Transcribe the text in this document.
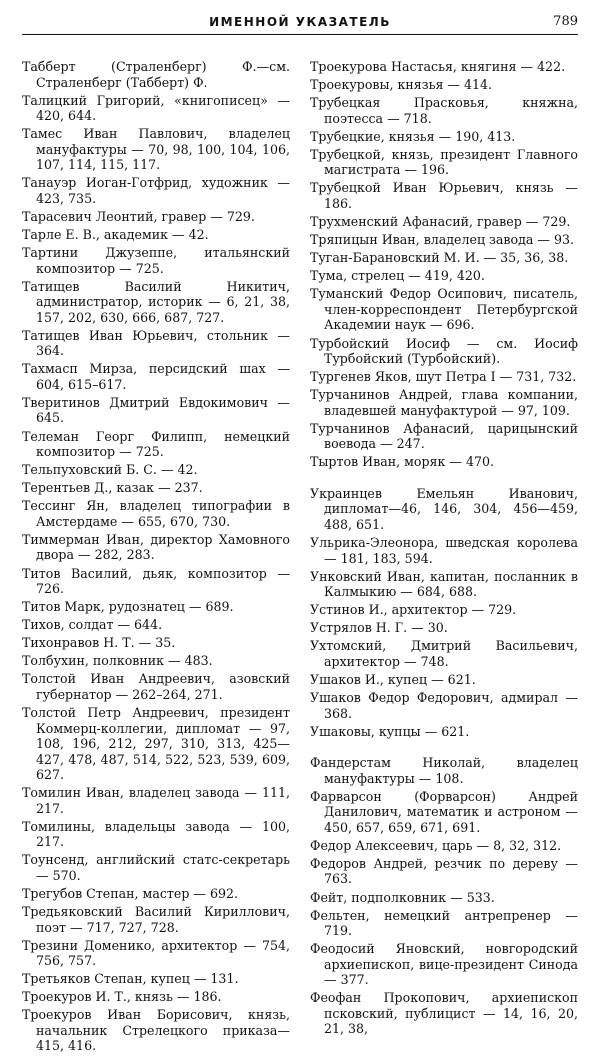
ИМЕННОЙ УКАЗАТЕЛЬ	789
Табберт (Страленберг) Ф.—см. Страленберг (Табберт) Ф.
Талицкий Григорий, «книгописец» — 420, 644.
Тамес Иван Павлович, владелец мануфактуры — 70, 98, 100, 104, 106, 107, 114, 115, 117.
Танауэр Иоган-Готфрид, художник — 423, 735.
Тарасевич Леонтий, гравер — 729.
Тарле Е. В., академик — 42.
Тартини Джузеппе, итальянский композитор — 725.
Татищев Василий Никитич, администратор, историк — 6, 21, 38, 157, 202, 630, 666, 687, 727.
Татищев Иван Юрьевич, стольник — 364.
Тахмасп Мирза, персидский шах — 604, 615–617.
Тверитинов Дмитрий Евдокимович — 645.
Телеман Георг Филипп, немецкий композитор — 725.
Тельпуховский Б. С. — 42.
Терентьев Д., казак — 237.
Тессинг Ян, владелец типографии в Амстердаме — 655, 670, 730.
Тиммерман Иван, директор Хамовного двора — 282, 283.
Титов Василий, дьяк, композитор — 726.
Титов Марк, рудознатец — 689.
Тихов, солдат — 644.
Тихонравов Н. Т. — 35.
Толбухин, полковник — 483.
Толстой Иван Андреевич, азовский губернатор — 262–264, 271.
Толстой Петр Андреевич, президент Коммерц-коллегии, дипломат — 97, 108, 196, 212, 297, 310, 313, 425—427, 478, 487, 514, 522, 523, 539, 609, 627.
Томилин Иван, владелец завода — 111, 217.
Томилины, владельцы завода — 100, 217.
Тоунсенд, английский статс-секретарь— 570.
Трегубов Степан, мастер — 692.
Тредьяковский Василий Кириллович, поэт — 717, 727, 728.
Трезини Доменико, архитектор — 754, 756, 757.
Третьяков Степан, купец — 131.
Троекуров И. Т., князь — 186.
Троекуров Иван Борисович, князь, начальник Стрелецкого приказа—415, 416.
Троекурова Настасья, княгиня — 422.
Троекуровы, князья — 414.
Трубецкая Прасковья, княжна, поэтесса — 718.
Трубецкие, князья — 190, 413.
Трубецкой, князь, президент Главного магистрата — 196.
Трубецкой Иван Юрьевич, князь — 186.
Трухменский Афанасий, гравер — 729.
Тряпицын Иван, владелец завода — 93.
Туган-Барановский М. И. — 35, 36, 38.
Тума, стрелец — 419, 420.
Туманский Федор Осипович, писатель, член-корреспондент Петербургской Академии наук — 696.
Турбойский Иосиф — см. Иосиф Турбойский (Турбойский).
Тургенев Яков, шут Петра I — 731, 732.
Турчанинов Андрей, глава компании, владевшей мануфактурой — 97, 109.
Турчанинов Афанасий, царицынский воевода — 247.
Тыртов Иван, моряк — 470.
Украинцев Емельян Иванович, дипломат—46, 146, 304, 456—459, 488, 651.
Ульрика-Элеонора, шведская королева— 181, 183, 594.
Унковский Иван, капитан, посланник в Калмыкию — 684, 688.
Устинов И., архитектор — 729.
Устрялов Н. Г. — 30.
Ухтомский, Дмитрий Васильевич, архитектор — 748.
Ушаков И., купец — 621.
Ушаков Федор Федорович, адмирал — 368.
Ушаковы, купцы — 621.
Фандерстам Николай, владелец мануфактуры — 108.
Фарварсон (Форварсон) Андрей Данилович, математик и астроном — 450, 657, 659, 671, 691.
Федор Алексеевич, царь — 8, 32, 312.
Федоров Андрей, резчик по дереву — 763.
Фейт, подполковник — 533.
Фельтен, немецкий антрепренер — 719.
Феодосий Яновский, новгородский архиепископ, вице-президент Синода — 377.
Феофан Прокопович, архиепископ псковский, публицист — 14, 16, 20, 21, 38,
